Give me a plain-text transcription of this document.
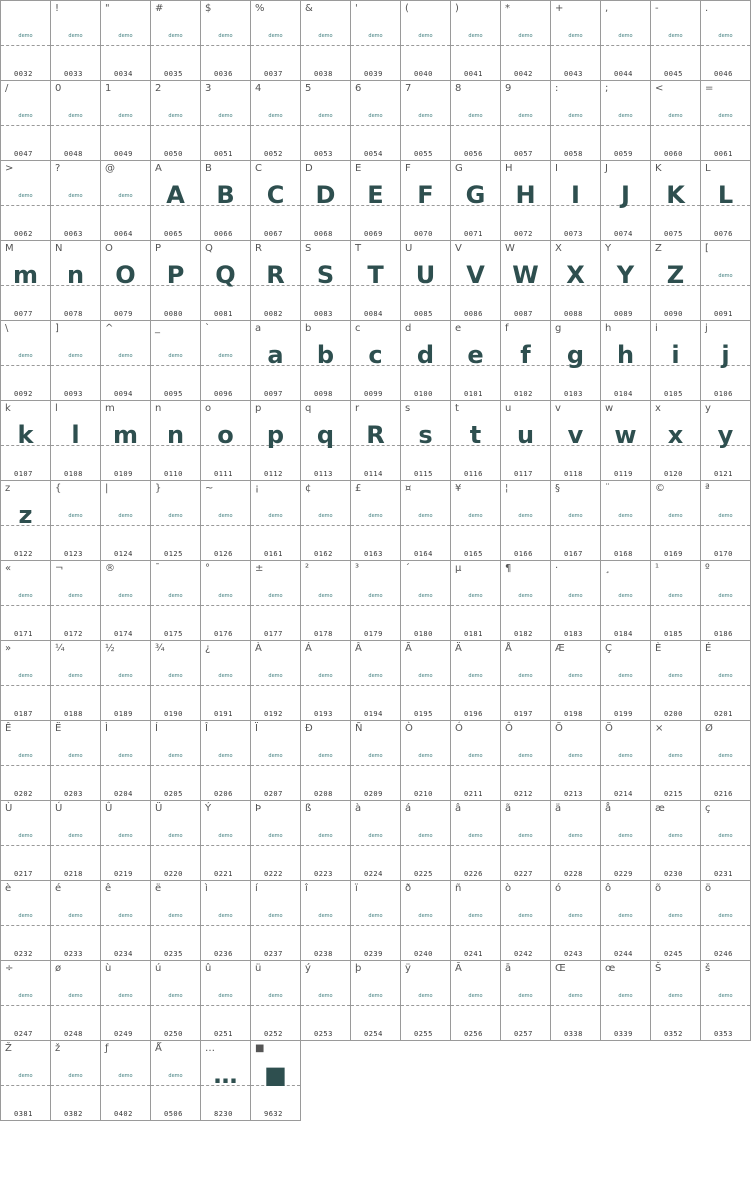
demo
0032
!
demo
0033
"
demo
0034
#
demo
0035
$
demo
0036
%
demo
0037
&
demo
0038
'
demo
0039
(
demo
0040
)
demo
0041
*
demo
0042
+
demo
0043
,
demo
0044
-
demo
0045
.
demo
0046
/
demo
0047
0
demo
0048
1
demo
0049
2
demo
0050
3
demo
0051
4
demo
0052
5
demo
0053
6
demo
0054
7
demo
0055
8
demo
0056
9
demo
0057
:
demo
0058
;
demo
0059
<
demo
0060
=
demo
0061
>
demo
0062
?
demo
0063
@
demo
0064
A
A
0065
B
B
0066
C
C
0067
D
D
0068
E
E
0069
F
F
0070
G
G
0071
H
H
0072
I
I
0073
J
J
0074
K
K
0075
L
L
0076
M
m
0077
N
n
0078
O
O
0079
P
P
0080
Q
Q
0081
R
R
0082
S
S
0083
T
T
0084
U
U
0085
V
V
0086
W
W
0087
X
X
0088
Y
Y
0089
Z
Z
0090
[
demo
0091
\
demo
0092
]
demo
0093
^
demo
0094
_
demo
0095
`
demo
0096
a
a
0097
b
b
0098
c
c
0099
d
d
0100
e
e
0101
f
f
0102
g
g
0103
h
h
0104
i
i
0105
j
j
0106
k
k
0107
l
l
0108
m
m
0109
n
n
0110
o
o
0111
p
p
0112
q
q
0113
r
R
0114
s
s
0115
t
t
0116
u
u
0117
v
v
0118
w
w
0119
x
x
0120
y
y
0121
z
z
0122
{
demo
0123
|
demo
0124
}
demo
0125
~
demo
0126
¡
demo
0161
¢
demo
0162
£
demo
0163
¤
demo
0164
¥
demo
0165
¦
demo
0166
§
demo
0167
¨
demo
0168
©
demo
0169
ª
demo
0170
«
demo
0171
¬
demo
0172
®
demo
0174
¯
demo
0175
°
demo
0176
±
demo
0177
²
demo
0178
³
demo
0179
´
demo
0180
µ
demo
0181
¶
demo
0182
·
demo
0183
¸
demo
0184
¹
demo
0185
º
demo
0186
»
demo
0187
¼
demo
0188
½
demo
0189
¾
demo
0190
¿
demo
0191
À
demo
0192
Á
demo
0193
Â
demo
0194
Ã
demo
0195
Ä
demo
0196
Å
demo
0197
Æ
demo
0198
Ç
demo
0199
È
demo
0200
É
demo
0201
Ê
demo
0202
Ë
demo
0203
Ì
demo
0204
Í
demo
0205
Î
demo
0206
Ï
demo
0207
Ð
demo
0208
Ñ
demo
0209
Ò
demo
0210
Ó
demo
0211
Ô
demo
0212
Õ
demo
0213
Ö
demo
0214
×
demo
0215
Ø
demo
0216
Ù
demo
0217
Ú
demo
0218
Û
demo
0219
Ü
demo
0220
Ý
demo
0221
Þ
demo
0222
ß
demo
0223
à
demo
0224
á
demo
0225
â
demo
0226
ã
demo
0227
ä
demo
0228
å
demo
0229
æ
demo
0230
ç
demo
0231
è
demo
0232
é
demo
0233
ê
demo
0234
ë
demo
0235
ì
demo
0236
í
demo
0237
î
demo
0238
ï
demo
0239
ð
demo
0240
ñ
demo
0241
ò
demo
0242
ó
demo
0243
ô
demo
0244
õ
demo
0245
ö
demo
0246
÷
demo
0247
ø
demo
0248
ù
demo
0249
ú
demo
0250
û
demo
0251
ü
demo
0252
ý
demo
0253
þ
demo
0254
ÿ
demo
0255
Ā
demo
0256
ā
demo
0257
Œ
demo
0338
œ
demo
0339
Š
demo
0352
š
demo
0353
Ž
demo
0381
ž
demo
0382
ƒ
demo
0402
Ǻ
demo
0506
…
…
8230
■
■
9632
